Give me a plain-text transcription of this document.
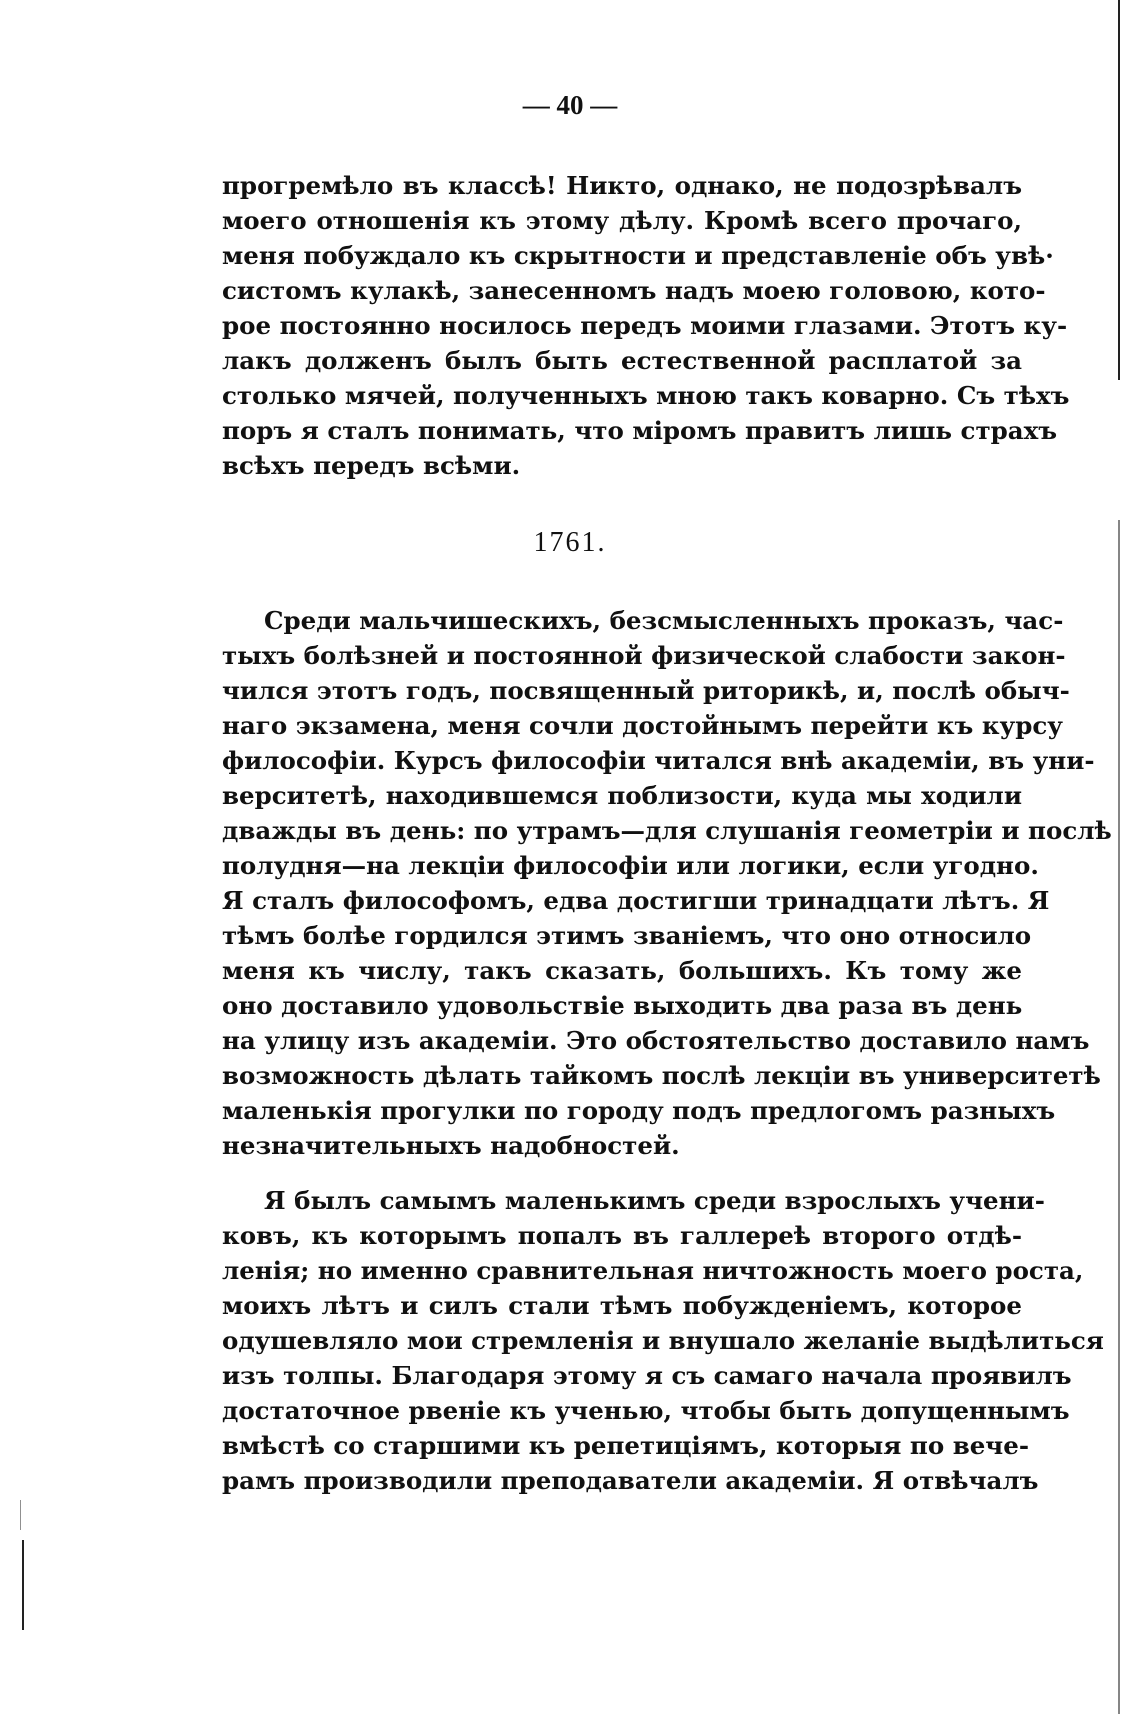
— 40 —
прогремѣло въ классѣ! Никто, однако, не подозрѣвалъ
моего отношенія къ этому дѣлу. Кромѣ всего прочаго,
меня побуждало къ скрытности и представленіе объ увѣ·
систомъ кулакѣ, занесенномъ надъ моею головою, кото-
рое постоянно носилось передъ моими глазами. Этотъ ку-
лакъ долженъ былъ быть естественной расплатой за
столько мячей, полученныхъ мною такъ коварно. Съ тѣхъ
поръ я сталъ понимать, что міромъ правитъ лишь страхъ
всѣхъ передъ всѣми.
1761.
Среди мальчишескихъ, безсмысленныхъ проказъ, час-
тыхъ болѣзней и постоянной физической слабости закон-
чился этотъ годъ, посвященный риторикѣ, и, послѣ обыч-
наго экзамена, меня сочли достойнымъ перейти къ курсу
философіи. Курсъ философіи читался внѣ академіи, въ уни-
верситетѣ, находившемся поблизости, куда мы ходили
дважды въ день: по утрамъ—для слушанія геометріи и послѣ
полудня—на лекціи философіи или логики, если угодно.
Я сталъ философомъ, едва достигши тринадцати лѣтъ. Я
тѣмъ болѣе гордился этимъ званіемъ, что оно относило
меня къ числу, такъ сказать, большихъ. Къ тому же
оно доставило удовольствіе выходить два раза въ день
на улицу изъ академіи. Это обстоятельство доставило намъ
возможность дѣлать тайкомъ послѣ лекціи въ университетѣ
маленькія прогулки по городу подъ предлогомъ разныхъ
незначительныхъ надобностей.
Я былъ самымъ маленькимъ среди взрослыхъ учени-
ковъ, къ которымъ попалъ въ галлереѣ второго отдѣ-
ленія; но именно сравнительная ничтожность моего роста,
моихъ лѣтъ и силъ стали тѣмъ побужденіемъ, которое
одушевляло мои стремленія и внушало желаніе выдѣлиться
изъ толпы. Благодаря этому я съ самаго начала проявилъ
достаточное рвеніе къ ученью, чтобы быть допущеннымъ
вмѣстѣ со старшими къ репетиціямъ, которыя по вече-
рамъ производили преподаватели академіи. Я отвѣчалъ
